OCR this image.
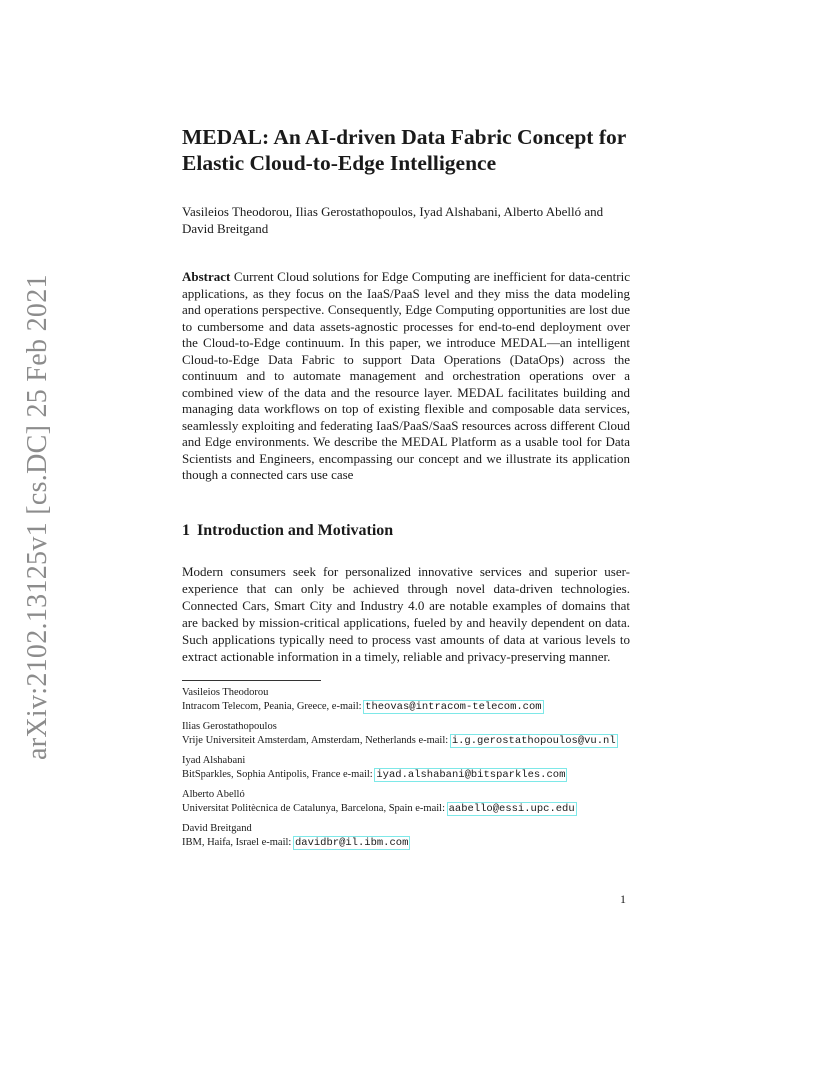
arXiv:2102.13125v1 [cs.DC] 25 Feb 2021
MEDAL: An AI-driven Data Fabric Concept for Elastic Cloud-to-Edge Intelligence
Vasileios Theodorou, Ilias Gerostathopoulos, Iyad Alshabani, Alberto Abelló and David Breitgand

Abstract Current Cloud solutions for Edge Computing are inefficient for data-centric applications, as they focus on the IaaS/PaaS level and they miss the data modeling and operations perspective. Consequently, Edge Computing opportunities are lost due to cumbersome and data assets-agnostic processes for end-to-end deployment over the Cloud-to-Edge continuum. In this paper, we introduce MEDAL—an intelligent Cloud-to-Edge Data Fabric to support Data Operations (DataOps) across the continuum and to automate management and orchestration operations over a combined view of the data and the resource layer. MEDAL facilitates building and managing data workflows on top of existing flexible and composable data services, seamlessly exploiting and federating IaaS/PaaS/SaaS resources across different Cloud and Edge environments. We describe the MEDAL Platform as a usable tool for Data Scientists and Engineers, encompassing our concept and we illustrate its application though a connected cars use case

1 Introduction and Motivation

Modern consumers seek for personalized innovative services and superior user-experience that can only be achieved through novel data-driven technologies. Connected Cars, Smart City and Industry 4.0 are notable examples of domains that are backed by mission-critical applications, fueled by and heavily dependent on data. Such applications typically need to process vast amounts of data at various levels to extract actionable information in a timely, reliable and privacy-preserving manner.

Vasileios Theodorou
Intracom Telecom, Peania, Greece, e-mail: theovas@intracom-telecom.com
Ilias Gerostathopoulos
Vrije Universiteit Amsterdam, Amsterdam, Netherlands e-mail: i.g.gerostathopoulos@vu.nl
Iyad Alshabani
BitSparkles, Sophia Antipolis, France e-mail: iyad.alshabani@bitsparkles.com
Alberto Abelló
Universitat Politècnica de Catalunya, Barcelona, Spain e-mail: aabello@essi.upc.edu
David Breitgand
IBM, Haifa, Israel e-mail: davidbr@il.ibm.com
1
